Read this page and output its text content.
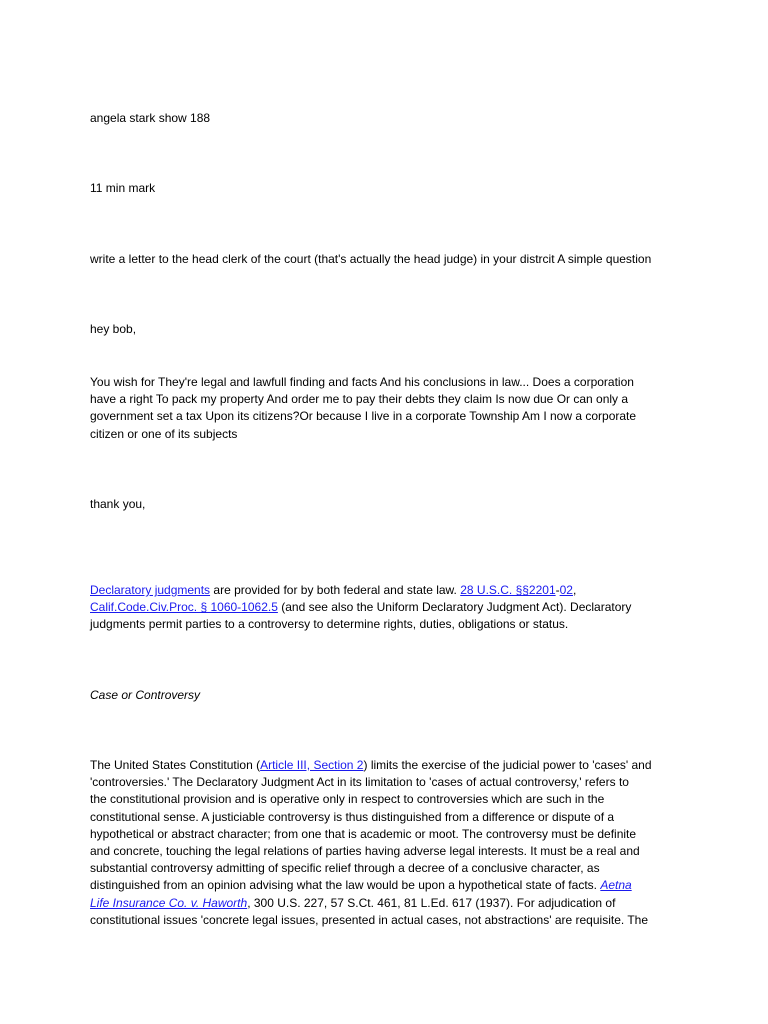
angela stark show 188

11 min mark

write a letter to the head clerk of the court (that's actually the head judge) in your distrcit A simple question

hey bob,

You wish for They're legal and lawfull finding and facts And his conclusions in law... Does a corporation
have a right To pack my property And order me to pay their debts they claim Is now due Or can only a
government set a tax Upon its citizens?Or because I live in a corporate Township Am I now a corporate
citizen or one of its subjects

thank you,

Declaratory judgments are provided for by both federal and state law. 28 U.S.C. §§2201-02,
Calif.Code.Civ.Proc. § 1060-1062.5 (and see also the Uniform Declaratory Judgment Act). Declaratory
judgments permit parties to a controversy to determine rights, duties, obligations or status.

Case or Controversy

The United States Constitution (Article III, Section 2) limits the exercise of the judicial power to 'cases' and
'controversies.' The Declaratory Judgment Act in its limitation to 'cases of actual controversy,' refers to
the constitutional provision and is operative only in respect to controversies which are such in the
constitutional sense. A justiciable controversy is thus distinguished from a difference or dispute of a
hypothetical or abstract character; from one that is academic or moot. The controversy must be definite
and concrete, touching the legal relations of parties having adverse legal interests. It must be a real and
substantial controversy admitting of specific relief through a decree of a conclusive character, as
distinguished from an opinion advising what the law would be upon a hypothetical state of facts. Aetna
Life Insurance Co. v. Haworth, 300 U.S. 227, 57 S.Ct. 461, 81 L.Ed. 617 (1937). For adjudication of
constitutional issues 'concrete legal issues, presented in actual cases, not abstractions' are requisite. The
